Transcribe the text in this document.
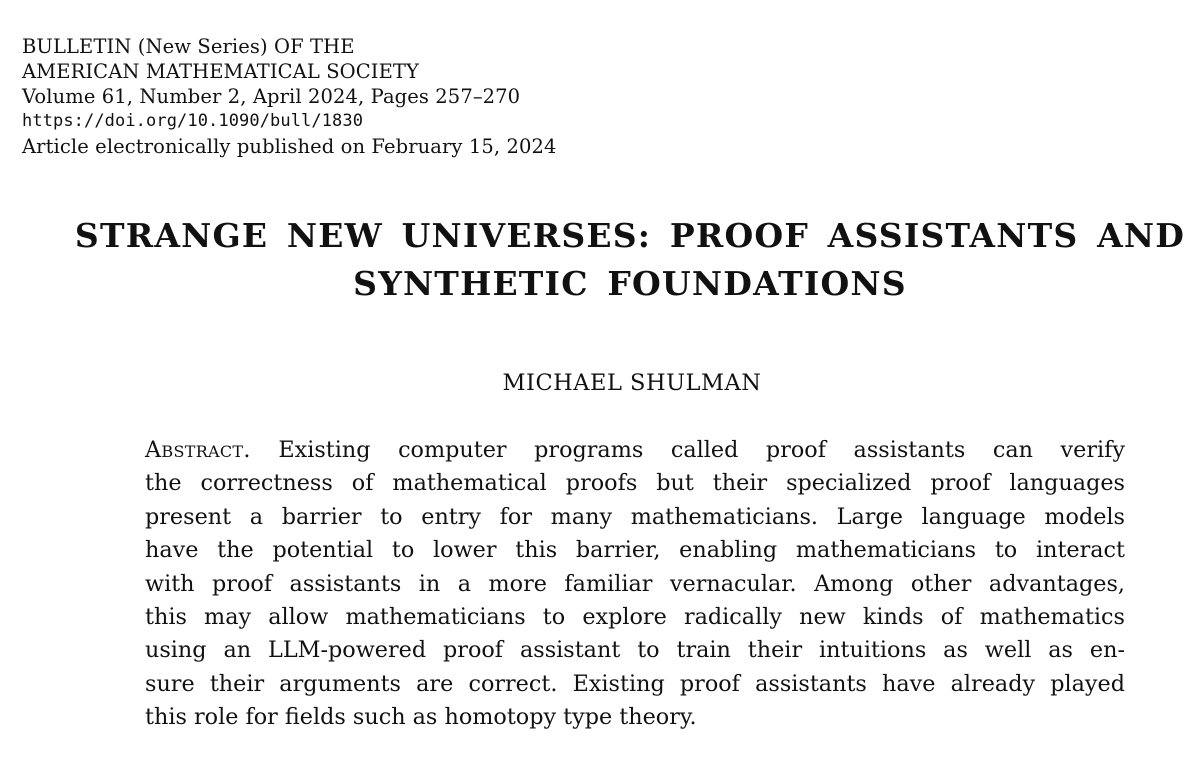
BULLETIN (New Series) OF THE
AMERICAN MATHEMATICAL SOCIETY
Volume 61, Number 2, April 2024, Pages 257–270
https://doi.org/10.1090/bull/1830
Article electronically published on February 15, 2024
STRANGE NEW UNIVERSES: PROOF ASSISTANTS AND
SYNTHETIC FOUNDATIONS
MICHAEL SHULMAN
Abstract. Existing computer programs called proof assistants can verify
the correctness of mathematical proofs but their specialized proof languages
present a barrier to entry for many mathematicians. Large language models
have the potential to lower this barrier, enabling mathematicians to interact
with proof assistants in a more familiar vernacular. Among other advantages,
this may allow mathematicians to explore radically new kinds of mathematics
using an LLM-powered proof assistant to train their intuitions as well as en-
sure their arguments are correct. Existing proof assistants have already played
this role for fields such as homotopy type theory.
